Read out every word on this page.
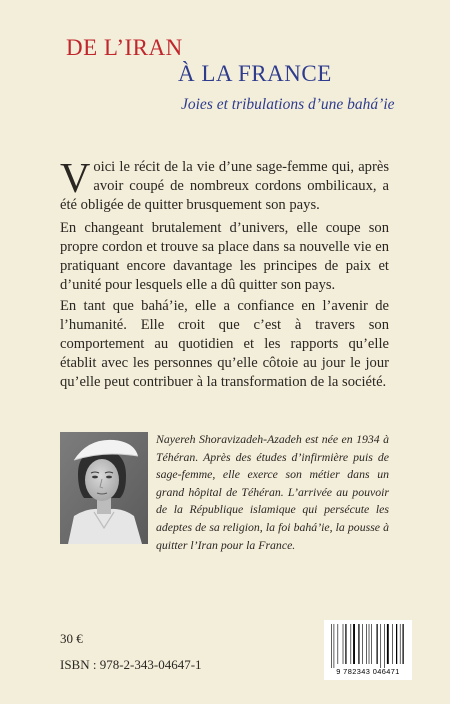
DE L’IRAN
À LA FRANCE
Joies et tribulations d’une bahá’ie

Voici le récit de la vie d’une sage-femme qui, après avoir coupé de nombreux cordons ombilicaux, a été obligée de quitter brusquement son pays.

En changeant brutalement d’univers, elle coupe son propre cordon et trouve sa place dans sa nouvelle vie en pratiquant encore davantage les principes de paix et d’unité pour lesquels elle a dû quitter son pays.

En tant que bahá’ie, elle a confiance en l’avenir de l’humanité. Elle croit que c’est à travers son comportement au quotidien et les rapports qu’elle établit avec les personnes qu’elle côtoie au jour le jour qu’elle peut contribuer à la transformation de la société.

Nayereh Shoravizadeh-Azadeh est née en 1934 à Téhéran. Après des études d’infirmière puis de sage-femme, elle exerce son métier dans un grand hôpital de Téhéran. L’arrivée au pouvoir de la République islamique qui persécute les adeptes de sa religion, la foi bahá’ie, la pousse à quitter l’Iran pour la France.

30 €
ISBN : 978-2-343-04647-1	9 782343 046471
